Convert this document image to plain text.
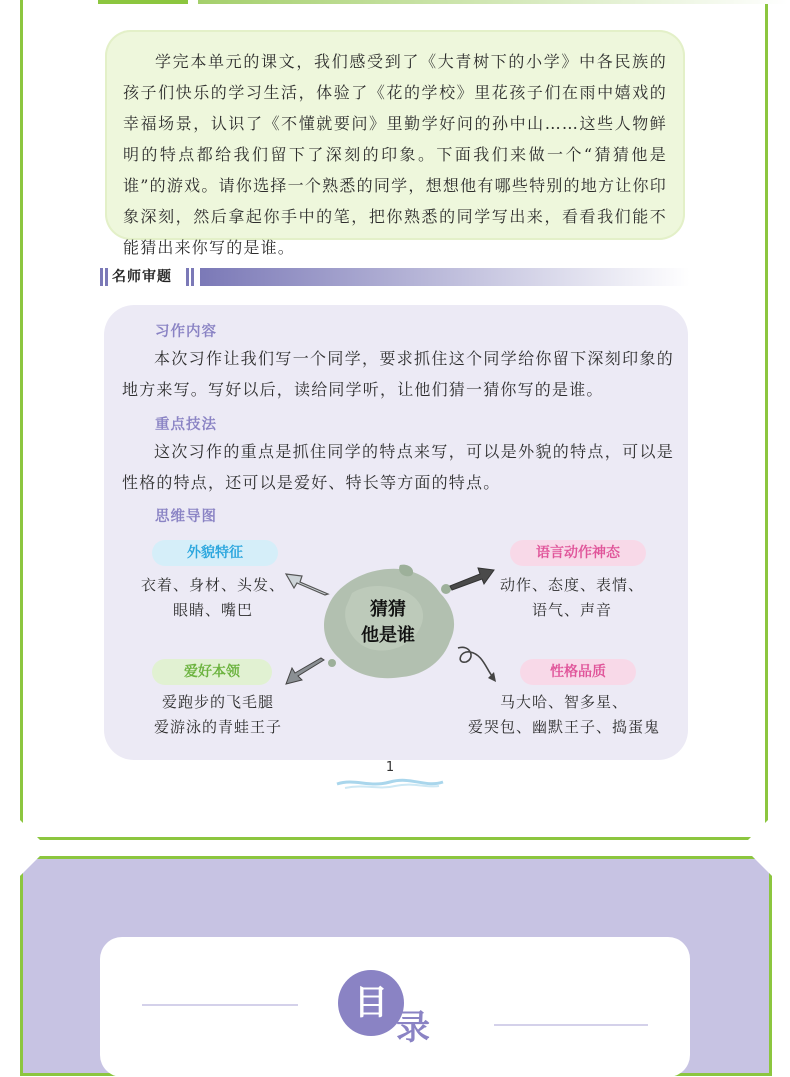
学完本单元的课文，我们感受到了《大青树下的小学》中各民族的孩子们快乐的学习生活，体验了《花的学校》里花孩子们在雨中嬉戏的幸福场景，认识了《不懂就要问》里勤学好问的孙中山……这些人物鲜明的特点都给我们留下了深刻的印象。下面我们来做一个“猜猜他是谁”的游戏。请你选择一个熟悉的同学，想想他有哪些特别的地方让你印象深刻，然后拿起你手中的笔，把你熟悉的同学写出来，看看我们能不能猜出来你写的是谁。

名师审题
习作内容

本次习作让我们写一个同学，要求抓住这个同学给你留下深刻印象的地方来写。写好以后，读给同学听，让他们猜一猜你写的是谁。

重点技法

这次习作的重点是抓住同学的特点来写，可以是外貌的特点，可以是性格的特点，还可以是爱好、特长等方面的特点。

思维导图
外貌特征
衣着、身材、头发、
眼睛、嘴巴
语言动作神态
动作、态度、表情、
语气、声音
爱好本领
爱跑步的飞毛腿
爱游泳的青蛙王子
性格品质
马大哈、智多星、
爱哭包、幽默王子、捣蛋鬼
猜猜
他是谁
1
目
录
